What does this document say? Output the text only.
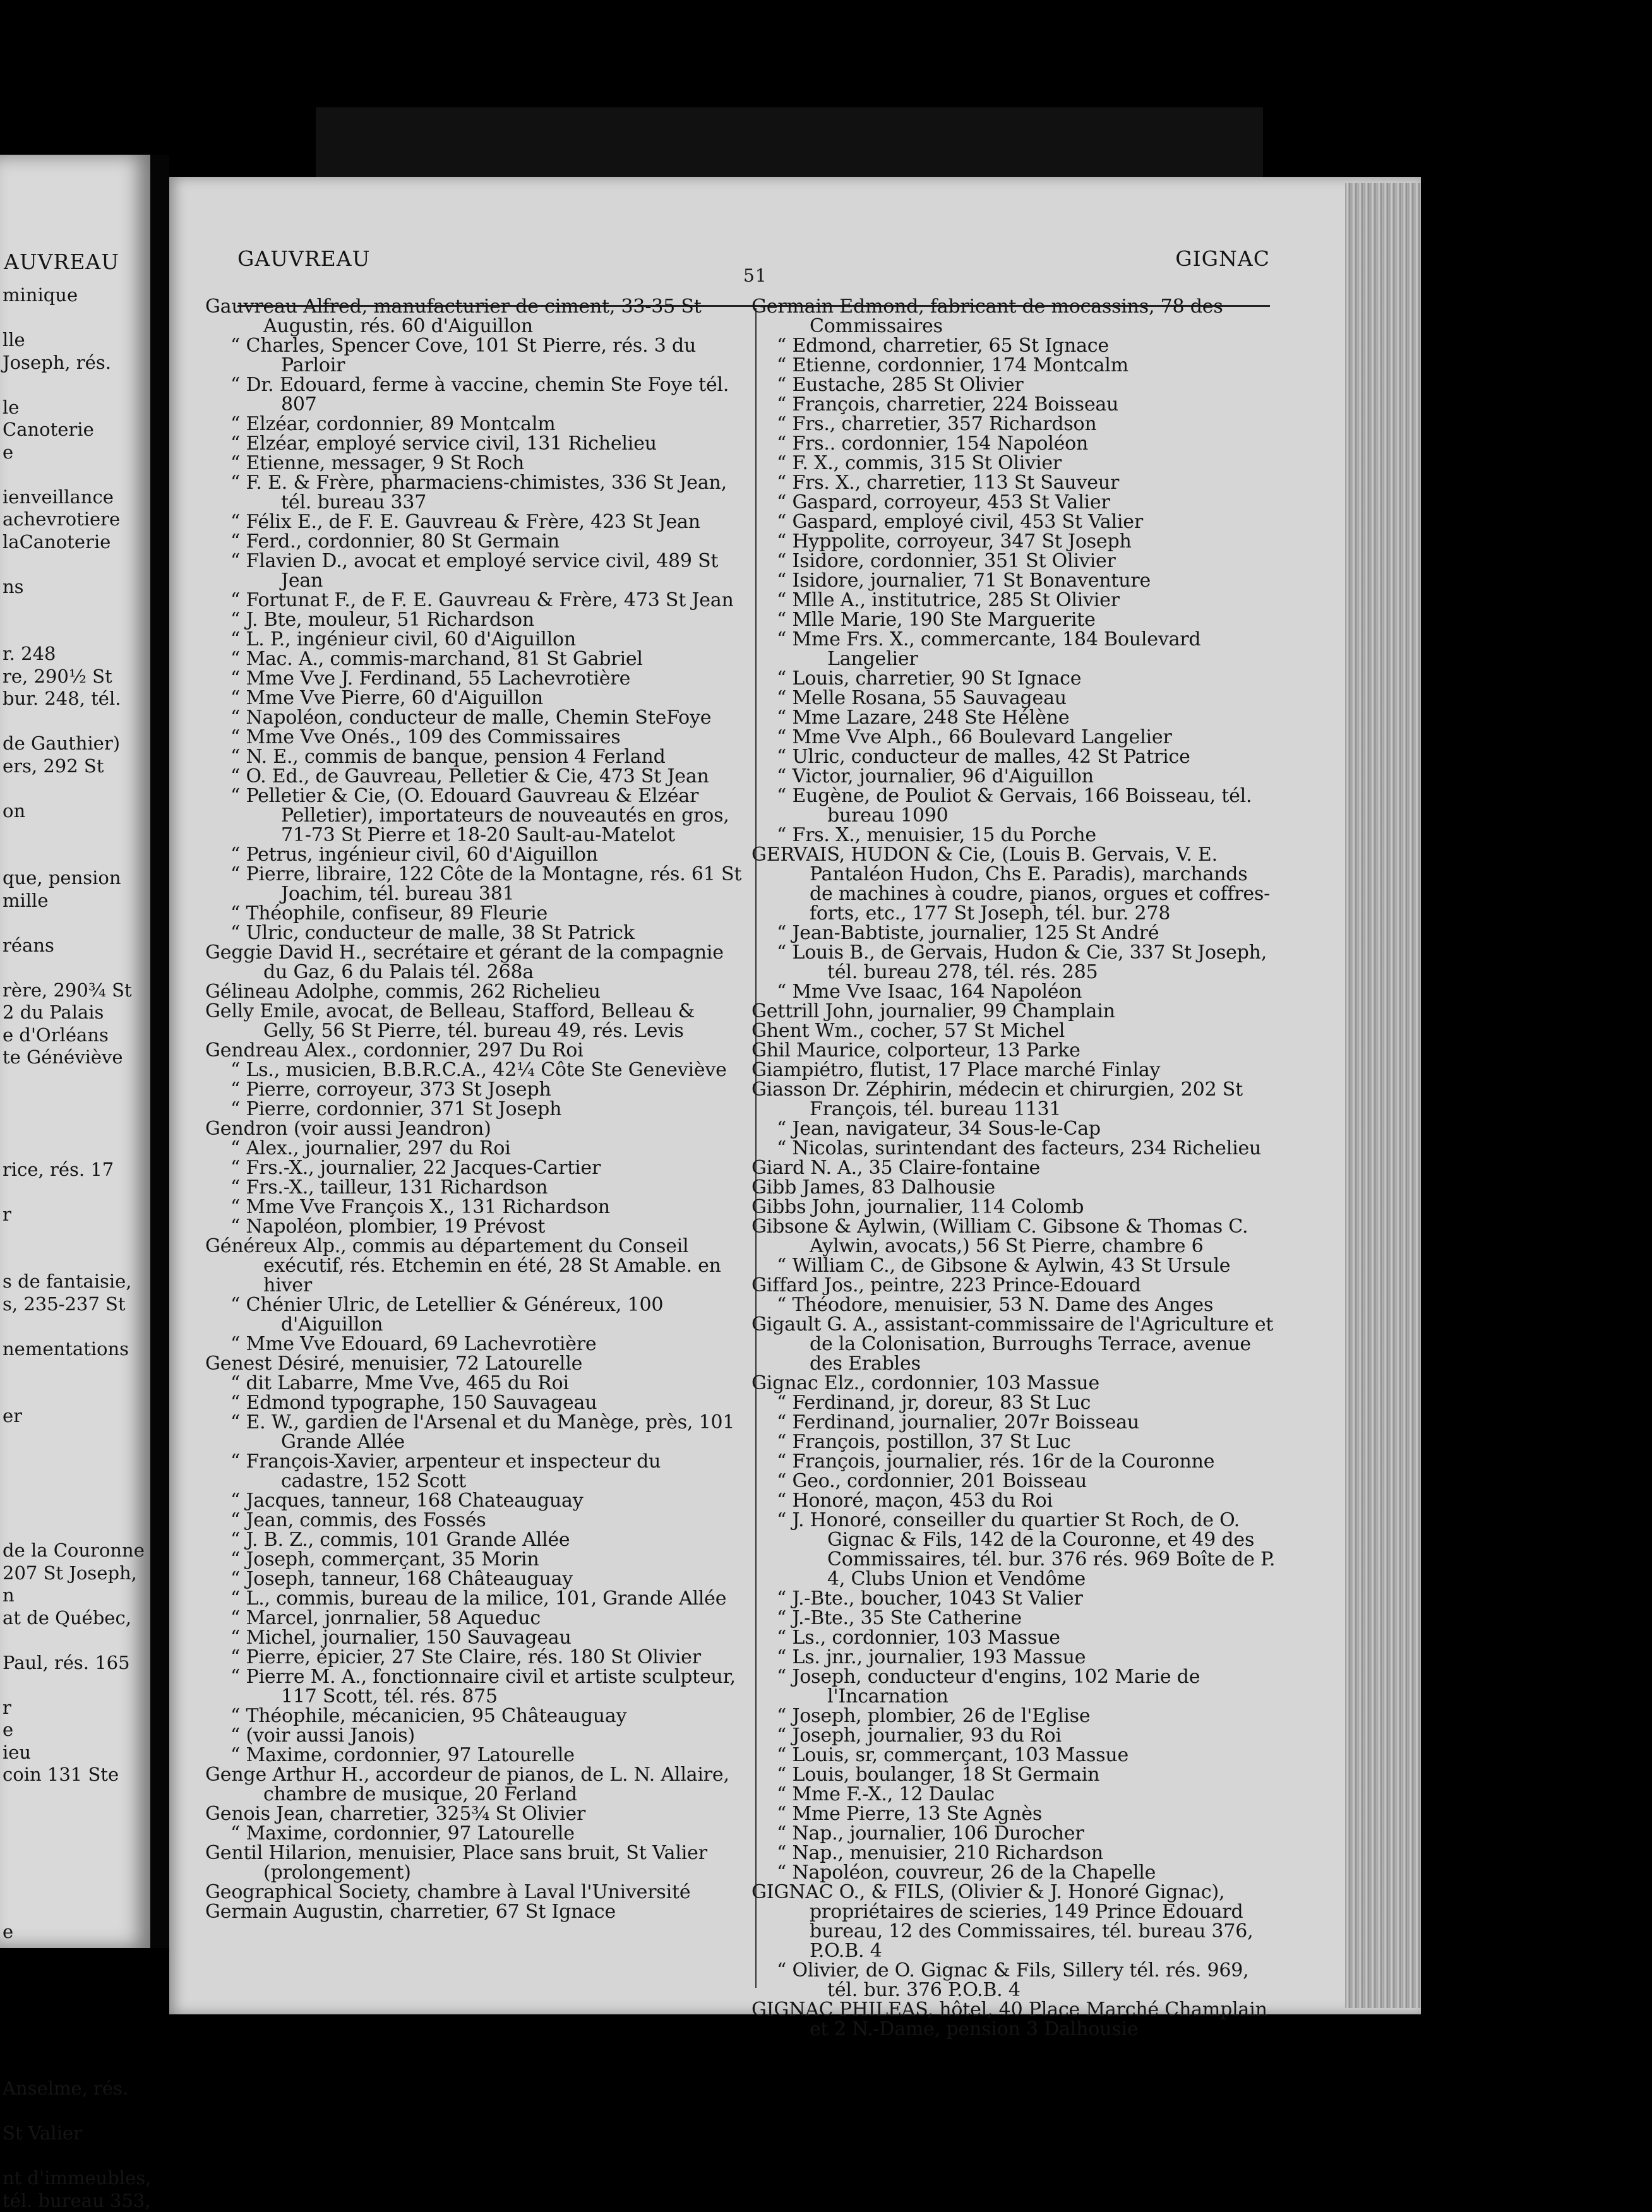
AUVREAU
minique

lle
Joseph, rés.

le
Canoterie
e

ienveillance
achevrotiere
laCanoterie

ns

r. 248
re, 290½ St
bur. 248, tél.

de Gauthier)
ers, 292 St

on

que, pension
mille

réans

rère, 290¾ St
2 du Palais
e d'Orléans
te Généviève

rice, rés. 17

r

s de fantaisie,
s, 235-237 St

nementations

er

de la Couronne
207 St Joseph,
n
at de Québec,

Paul, rés. 165

r
e
ieu
coin 131 Ste

e

Anselme, rés.

St Valier

nt d'immeubles,
tél. bureau 353,
GAUVREAU
51
GIGNAC
Gauvreau Alfred, manufacturier de ciment, 33-35 St Augustin, rés. 60 d'Aiguillon
“ Charles, Spencer Cove, 101 St Pierre, rés. 3 du Parloir
“ Dr. Edouard, ferme à vaccine, chemin Ste Foye tél. 807
“ Elzéar, cordonnier, 89 Montcalm
“ Elzéar, employé service civil, 131 Richelieu
“ Etienne, messager, 9 St Roch
“ F. E. & Frère, pharmaciens-chimistes, 336 St Jean, tél. bureau 337
“ Félix E., de F. E. Gauvreau & Frère, 423 St Jean
“ Ferd., cordonnier, 80 St Germain
“ Flavien D., avocat et employé service civil, 489 St Jean
“ Fortunat F., de F. E. Gauvreau & Frère, 473 St Jean
“ J. Bte, mouleur, 51 Richardson
“ L. P., ingénieur civil, 60 d'Aiguillon
“ Mac. A., commis-marchand, 81 St Gabriel
“ Mme Vve J. Ferdinand, 55 Lachevrotière
“ Mme Vve Pierre, 60 d'Aiguillon
“ Napoléon, conducteur de malle, Chemin SteFoye
“ Mme Vve Onés., 109 des Commissaires
“ N. E., commis de banque, pension 4 Ferland
“ O. Ed., de Gauvreau, Pelletier & Cie, 473 St Jean
“ Pelletier & Cie, (O. Edouard Gauvreau & Elzéar Pelletier), importateurs de nouveautés en gros, 71-73 St Pierre et 18-20 Sault-au-Matelot
“ Petrus, ingénieur civil, 60 d'Aiguillon
“ Pierre, libraire, 122 Côte de la Montagne, rés. 61 St Joachim, tél. bureau 381
“ Théophile, confiseur, 89 Fleurie
“ Ulric, conducteur de malle, 38 St Patrick
Geggie David H., secrétaire et gérant de la compagnie du Gaz, 6 du Palais tél. 268a
Gélineau Adolphe, commis, 262 Richelieu
Gelly Emile, avocat, de Belleau, Stafford, Belleau & Gelly, 56 St Pierre, tél. bureau 49, rés. Levis
Gendreau Alex., cordonnier, 297 Du Roi
“ Ls., musicien, B.B.R.C.A., 42¼ Côte Ste Geneviève
“ Pierre, corroyeur, 373 St Joseph
“ Pierre, cordonnier, 371 St Joseph
Gendron (voir aussi Jeandron)
“ Alex., journalier, 297 du Roi
“ Frs.-X., journalier, 22 Jacques-Cartier
“ Frs.-X., tailleur, 131 Richardson
“ Mme Vve François X., 131 Richardson
“ Napoléon, plombier, 19 Prévost
Généreux Alp., commis au département du Conseil exécutif, rés. Etchemin en été, 28 St Amable. en hiver
“ Chénier Ulric, de Letellier & Généreux, 100 d'Aiguillon
“ Mme Vve Edouard, 69 Lachevrotière
Genest Désiré, menuisier, 72 Latourelle
“ dit Labarre, Mme Vve, 465 du Roi
“ Edmond typographe, 150 Sauvageau
“ E. W., gardien de l'Arsenal et du Manège, près, 101 Grande Allée
“ François-Xavier, arpenteur et inspecteur du cadastre, 152 Scott
“ Jacques, tanneur, 168 Chateauguay
“ Jean, commis, des Fossés
“ J. B. Z., commis, 101 Grande Allée
“ Joseph, commerçant, 35 Morin
“ Joseph, tanneur, 168 Châteauguay
“ L., commis, bureau de la milice, 101, Grande Allée
“ Marcel, jonrnalier, 58 Aqueduc
“ Michel, journalier, 150 Sauvageau
“ Pierre, épicier, 27 Ste Claire, rés. 180 St Olivier
“ Pierre M. A., fonctionnaire civil et artiste sculpteur, 117 Scott, tél. rés. 875
“ Théophile, mécanicien, 95 Châteauguay
“ (voir aussi Janois)
“ Maxime, cordonnier, 97 Latourelle
Genge Arthur H., accordeur de pianos, de L. N. Allaire, chambre de musique, 20 Ferland
Genois Jean, charretier, 325¾ St Olivier
“ Maxime, cordonnier, 97 Latourelle
Gentil Hilarion, menuisier, Place sans bruit, St Valier (prolongement)
Geographical Society, chambre à Laval l'Université
Germain Augustin, charretier, 67 St Ignace
Germain Edmond, fabricant de mocassins, 78 des Commissaires
“ Edmond, charretier, 65 St Ignace
“ Etienne, cordonnier, 174 Montcalm
“ Eustache, 285 St Olivier
“ François, charretier, 224 Boisseau
“ Frs., charretier, 357 Richardson
“ Frs.. cordonnier, 154 Napoléon
“ F. X., commis, 315 St Olivier
“ Frs. X., charretier, 113 St Sauveur
“ Gaspard, corroyeur, 453 St Valier
“ Gaspard, employé civil, 453 St Valier
“ Hyppolite, corroyeur, 347 St Joseph
“ Isidore, cordonnier, 351 St Olivier
“ Isidore, journalier, 71 St Bonaventure
“ Mlle A., institutrice, 285 St Olivier
“ Mlle Marie, 190 Ste Marguerite
“ Mme Frs. X., commercante, 184 Boulevard Langelier
“ Louis, charretier, 90 St Ignace
“ Melle Rosana, 55 Sauvageau
“ Mme Lazare, 248 Ste Hélène
“ Mme Vve Alph., 66 Boulevard Langelier
“ Ulric, conducteur de malles, 42 St Patrice
“ Victor, journalier, 96 d'Aiguillon
“ Eugène, de Pouliot & Gervais, 166 Boisseau, tél. bureau 1090
“ Frs. X., menuisier, 15 du Porche
GERVAIS, HUDON & Cie, (Louis B. Gervais, V. E. Pantaléon Hudon, Chs E. Paradis), marchands de machines à coudre, pianos, orgues et coffres-forts, etc., 177 St Joseph, tél. bur. 278
“ Jean-Babtiste, journalier, 125 St André
“ Louis B., de Gervais, Hudon & Cie, 337 St Joseph, tél. bureau 278, tél. rés. 285
“ Mme Vve Isaac, 164 Napoléon
Gettrill John, journalier, 99 Champlain
Ghent Wm., cocher, 57 St Michel
Ghil Maurice, colporteur, 13 Parke
Giampiétro, flutist, 17 Place marché Finlay
Giasson Dr. Zéphirin, médecin et chirurgien, 202 St François, tél. bureau 1131
“ Jean, navigateur, 34 Sous-le-Cap
“ Nicolas, surintendant des facteurs, 234 Richelieu
Giard N. A., 35 Claire-fontaine
Gibb James, 83 Dalhousie
Gibbs John, journalier, 114 Colomb
Gibsone & Aylwin, (William C. Gibsone & Thomas C. Aylwin, avocats,) 56 St Pierre, chambre 6
“ William C., de Gibsone & Aylwin, 43 St Ursule
Giffard Jos., peintre, 223 Prince-Edouard
“ Théodore, menuisier, 53 N. Dame des Anges
Gigault G. A., assistant-commissaire de l'Agriculture et de la Colonisation, Burroughs Terrace, avenue des Erables
Gignac Elz., cordonnier, 103 Massue
“ Ferdinand, jr, doreur, 83 St Luc
“ Ferdinand, journalier, 207r Boisseau
“ François, postillon, 37 St Luc
“ François, journalier, rés. 16r de la Couronne
“ Geo., cordonnier, 201 Boisseau
“ Honoré, maçon, 453 du Roi
“ J. Honoré, conseiller du quartier St Roch, de O. Gignac & Fils, 142 de la Couronne, et 49 des Commissaires, tél. bur. 376 rés. 969 Boîte de P. 4, Clubs Union et Vendôme
“ J.-Bte., boucher, 1043 St Valier
“ J.-Bte., 35 Ste Catherine
“ Ls., cordonnier, 103 Massue
“ Ls. jnr., journalier, 193 Massue
“ Joseph, conducteur d'engins, 102 Marie de l'Incarnation
“ Joseph, plombier, 26 de l'Eglise
“ Joseph, journalier, 93 du Roi
“ Louis, sr, commerçant, 103 Massue
“ Louis, boulanger, 18 St Germain
“ Mme F.-X., 12 Daulac
“ Mme Pierre, 13 Ste Agnès
“ Nap., journalier, 106 Durocher
“ Nap., menuisier, 210 Richardson
“ Napoléon, couvreur, 26 de la Chapelle
GIGNAC O., & FILS, (Olivier & J. Honoré Gignac), propriétaires de scieries, 149 Prince Edouard bureau, 12 des Commissaires, tél. bureau 376, P.O.B. 4
“ Olivier, de O. Gignac & Fils, Sillery tél. rés. 969, tél. bur. 376 P.O.B. 4
GIGNAC PHILEAS, hôtel, 40 Place Marché Champlain et 2 N.-Dame, pension 3 Dalhousie
